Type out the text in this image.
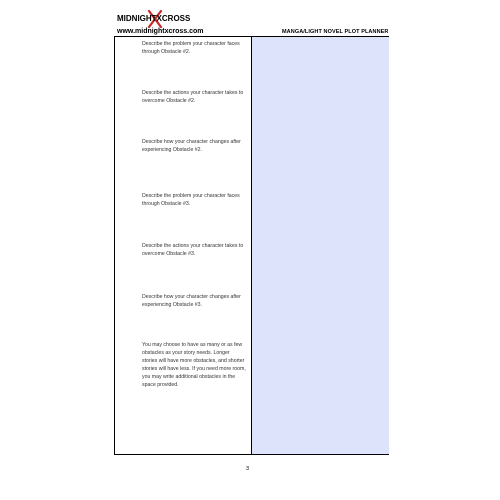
MIDNIGHTXCROSS
www.midnightxcross.com	MANGA/LIGHT NOVEL PLOT PLANNER
Describe the problem your character faces through Obstacle #2.
Describe the actions your character takes to overcome Obstacle #2.
Describe how your character changes after experiencing Obstacle #2.
Describe the problem your character faces through Obstacle #3.
Describe the actions your character takes to overcome Obstacle #3.
Describe how your character changes after experiencing Obstacle #3.
You may choose to have as many or as few obstacles as your story needs. Longer stories will have more obstacles, and shorter stories will have less. If you need more room, you may write additional obstacles in the space provided.
3
